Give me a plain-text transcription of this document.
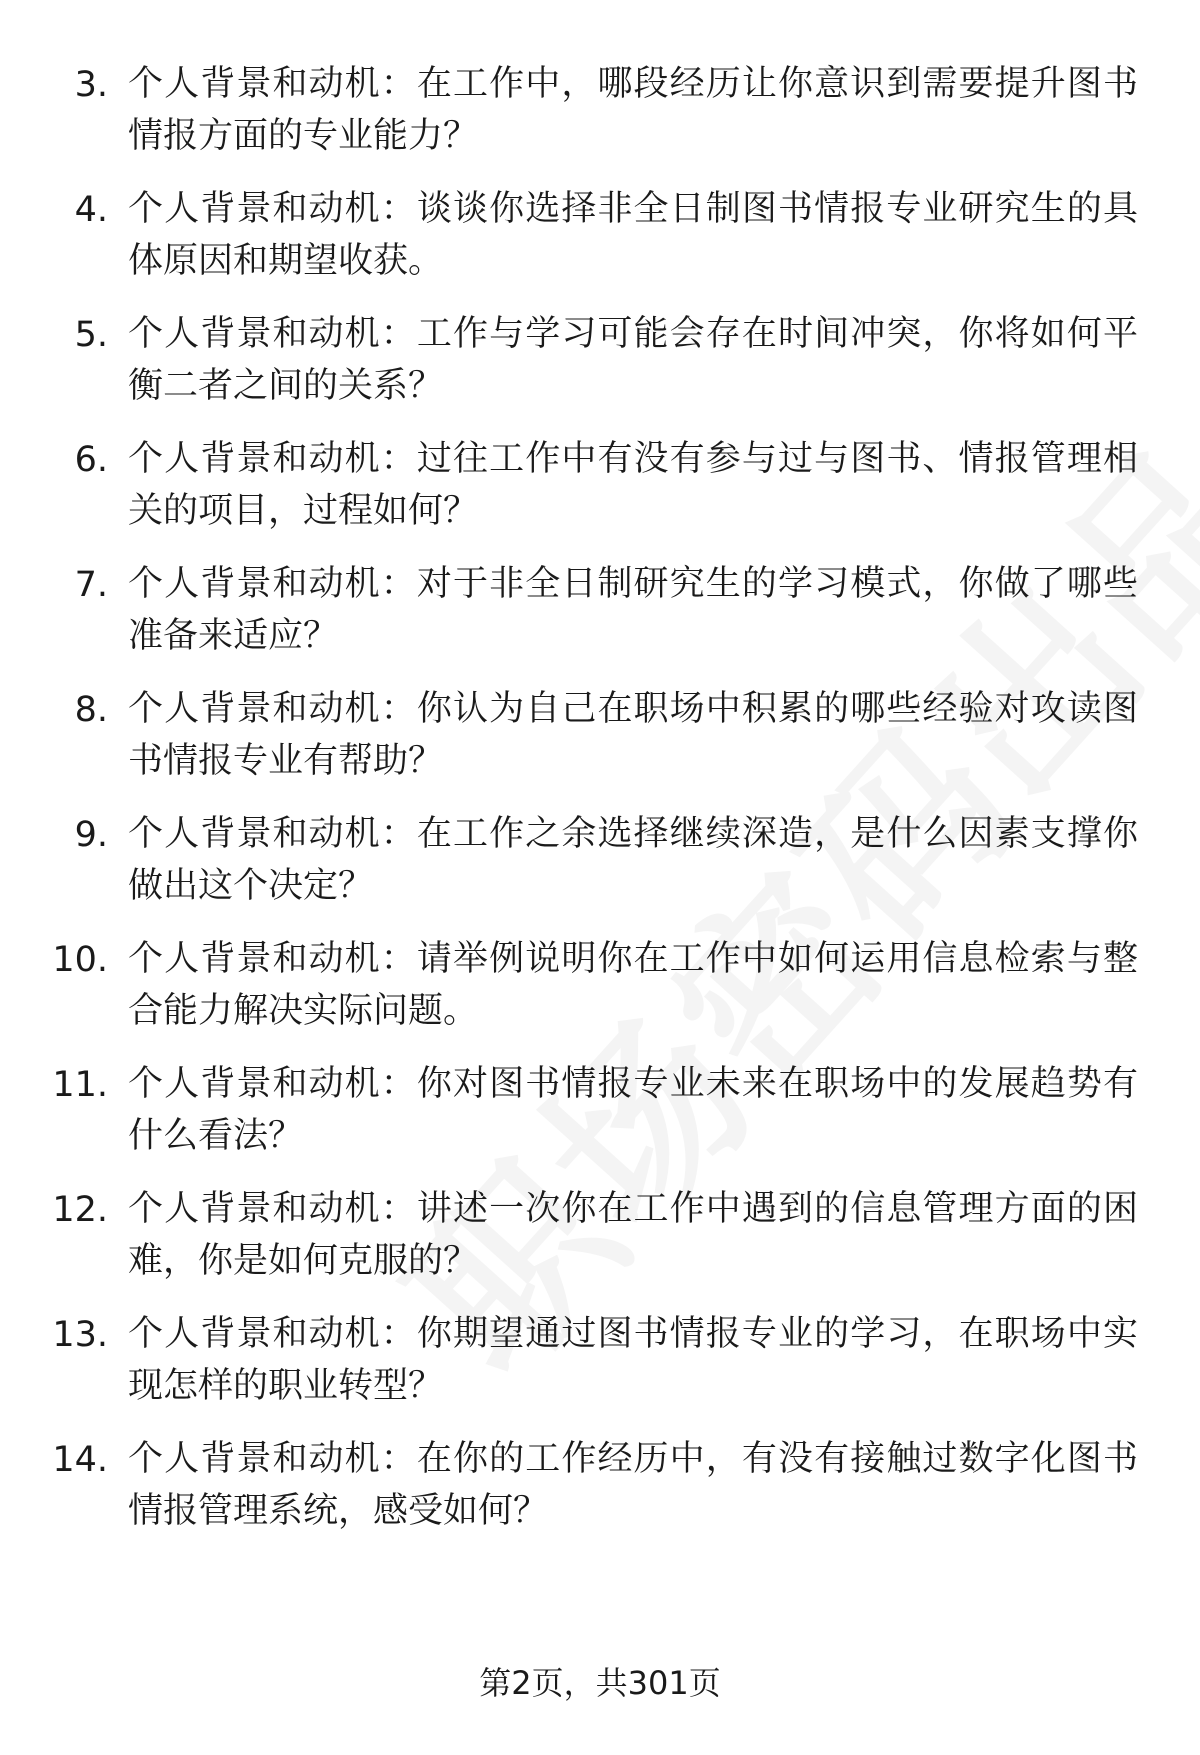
3. 个人背景和动机：在工作中，哪段经历让你意识到需要提升图书情报方面的专业能力？
4. 个人背景和动机：谈谈你选择非全日制图书情报专业研究生的具体原因和期望收获。
5. 个人背景和动机：工作与学习可能会存在时间冲突，你将如何平衡二者之间的关系？
6. 个人背景和动机：过往工作中有没有参与过与图书、情报管理相关的项目，过程如何？
7. 个人背景和动机：对于非全日制研究生的学习模式，你做了哪些准备来适应？
8. 个人背景和动机：你认为自己在职场中积累的哪些经验对攻读图书情报专业有帮助？
9. 个人背景和动机：在工作之余选择继续深造，是什么因素支撑你做出这个决定？
10. 个人背景和动机：请举例说明你在工作中如何运用信息检索与整合能力解决实际问题。
11. 个人背景和动机：你对图书情报专业未来在职场中的发展趋势有什么看法？
12. 个人背景和动机：讲述一次你在工作中遇到的信息管理方面的困难，你是如何克服的？
13. 个人背景和动机：你期望通过图书情报专业的学习，在职场中实现怎样的职业转型？
14. 个人背景和动机：在你的工作经历中，有没有接触过数字化图书情报管理系统，感受如何？
第2页，共301页
